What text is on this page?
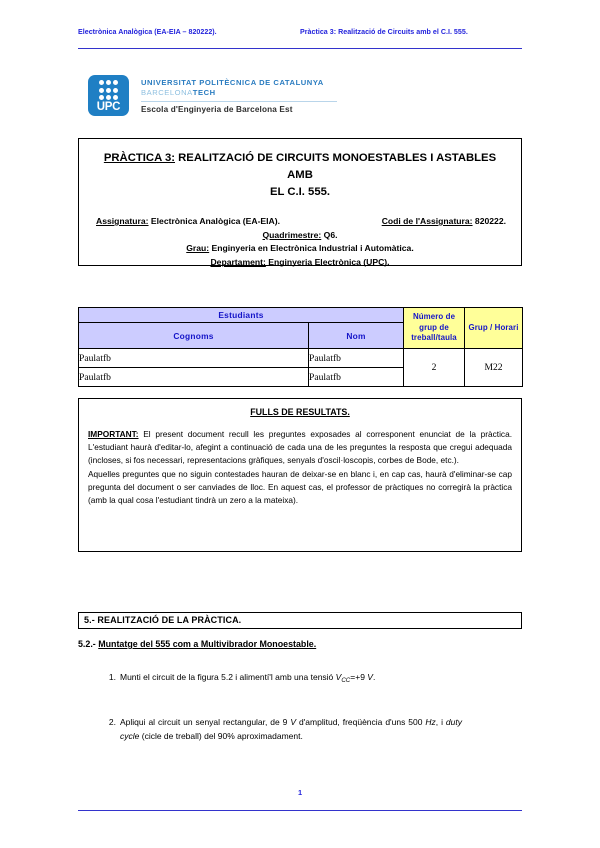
Electrònica Analògica (EA-EIA – 820222).	Pràctica 3: Realització de Circuits amb el C.I. 555.
UPC
UNIVERSITAT POLITÈCNICA DE CATALUNYA
BARCELONATECH
Escola d'Enginyeria de Barcelona Est
PRÀCTICA 3: REALITZACIÓ DE CIRCUITS MONOESTABLES I ASTABLES AMB
EL C.I. 555.
Assignatura: Electrònica Analògica (EA-EIA).	Codi de l'Assignatura: 820222.
Quadrimestre: Q6.
Grau: Enginyeria en Electrònica Industrial i Automàtica.
Departament: Enginyeria Electrònica (UPC).
Estudiants		Número de grup de treball/taula	Grup / Horari
Cognoms	Nom		
Paulatfb	Paulatfb	2	M22
Paulatfb	Paulatfb		
FULLS DE RESULTATS.
IMPORTANT: El present document recull les preguntes exposades al corresponent enunciat de la pràctica. L'estudiant haurà d'editar-lo, afegint a continuació de cada una de les preguntes la resposta que cregui adequada (incloses, si fos necessari, representacions gràfiques, senyals d'oscil·loscopis, corbes de Bode, etc.).
Aquelles preguntes que no siguin contestades hauran de deixar-se en blanc i, en cap cas, haurà d'eliminar-se cap pregunta del document o ser canviades de lloc. En aquest cas, el professor de pràctiques no corregirà la pràctica (amb la qual cosa l'estudiant tindrà un zero a la mateixa).
5.- REALITZACIÓ DE LA PRÀCTICA.
5.2.- Muntatge del 555 com a Multivibrador Monoestable.
1. Munti el circuit de la figura 5.2 i alimentí'l amb una tensió $V_{CC}=+9$ V.
2. Apliqui al circuit un senyal rectangular, de 9 V d'amplitud, freqüència d'uns 500 Hz, i duty cycle (cicle de treball) del 90% aproximadament.
1
